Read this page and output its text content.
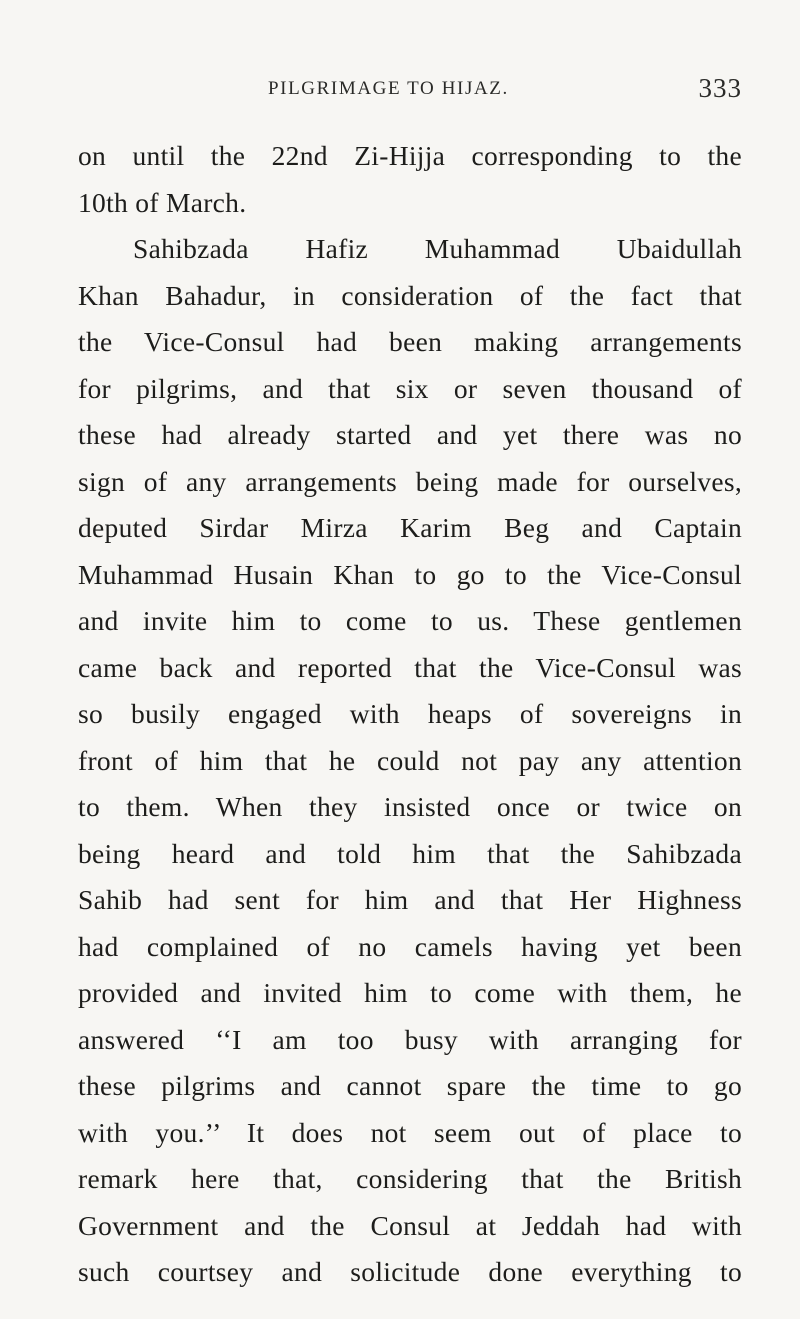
PILGRIMAGE TO HIJAZ.	333
on until the 22nd Zi-Hijja corresponding to the
10th of March.
Sahibzada Hafiz Muhammad Ubaidullah
Khan Bahadur, in consideration of the fact that
the Vice-Consul had been making arrangements
for pilgrims, and that six or seven thousand of
these had already started and yet there was no
sign of any arrangements being made for ourselves,
deputed Sirdar Mirza Karim Beg and Captain
Muhammad Husain Khan to go to the Vice-Consul
and invite him to come to us. These gentlemen
came back and reported that the Vice-Consul was
so busily engaged with heaps of sovereigns in
front of him that he could not pay any attention
to them. When they insisted once or twice on
being heard and told him that the Sahibzada
Sahib had sent for him and that Her Highness
had complained of no camels having yet been
provided and invited him to come with them, he
answered ‘‘I am too busy with arranging for
these pilgrims and cannot spare the time to go
with you.’’ It does not seem out of place to
remark here that, considering that the British
Government and the Consul at Jeddah had with
such courtsey and solicitude done everything to
